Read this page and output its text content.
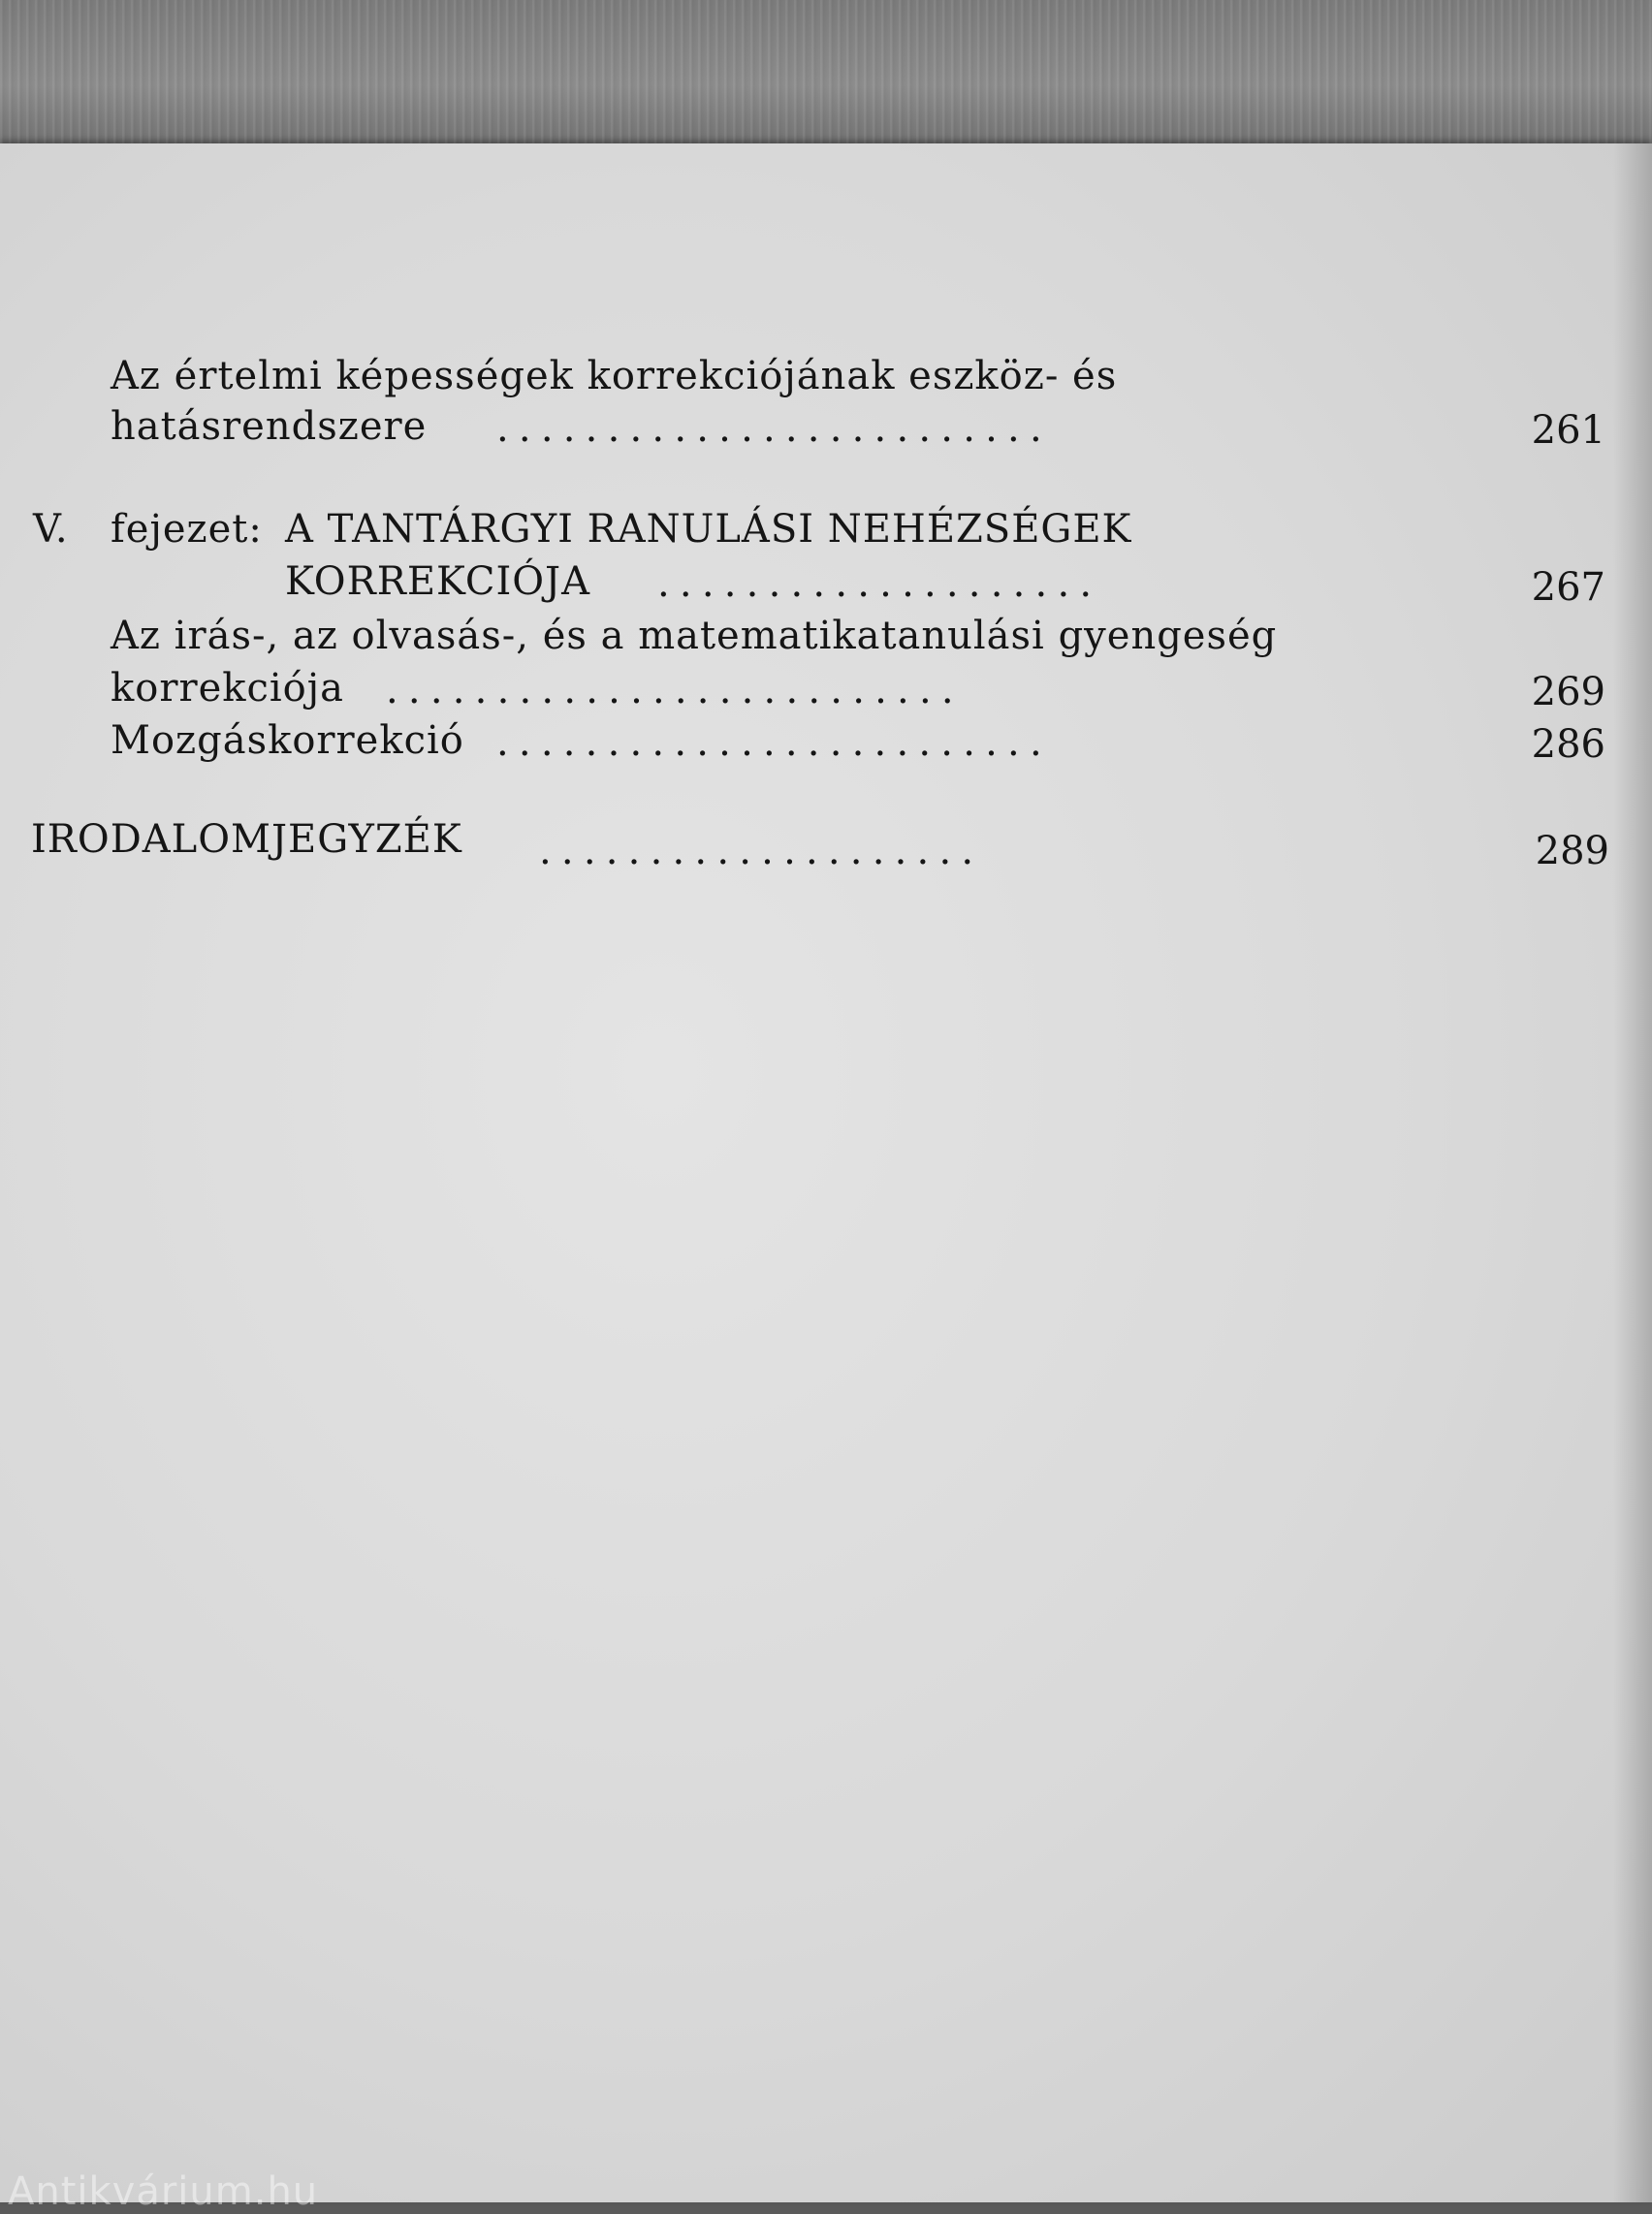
Az értelmi képességek korrekciójának eszköz- és
hatásrendszere .........................	261
V. fejezet: A TANTÁRGYI RANULÁSI NEHÉZSÉGEK
KORREKCIÓJA ....................	267
Az irás-, az olvasás-, és a matematikatanulási gyengeség
korrekciója ..........................	269
Mozgáskorrekció .........................	286
IRODALOMJEGYZÉK ....................	289
Antikvárium.hu
